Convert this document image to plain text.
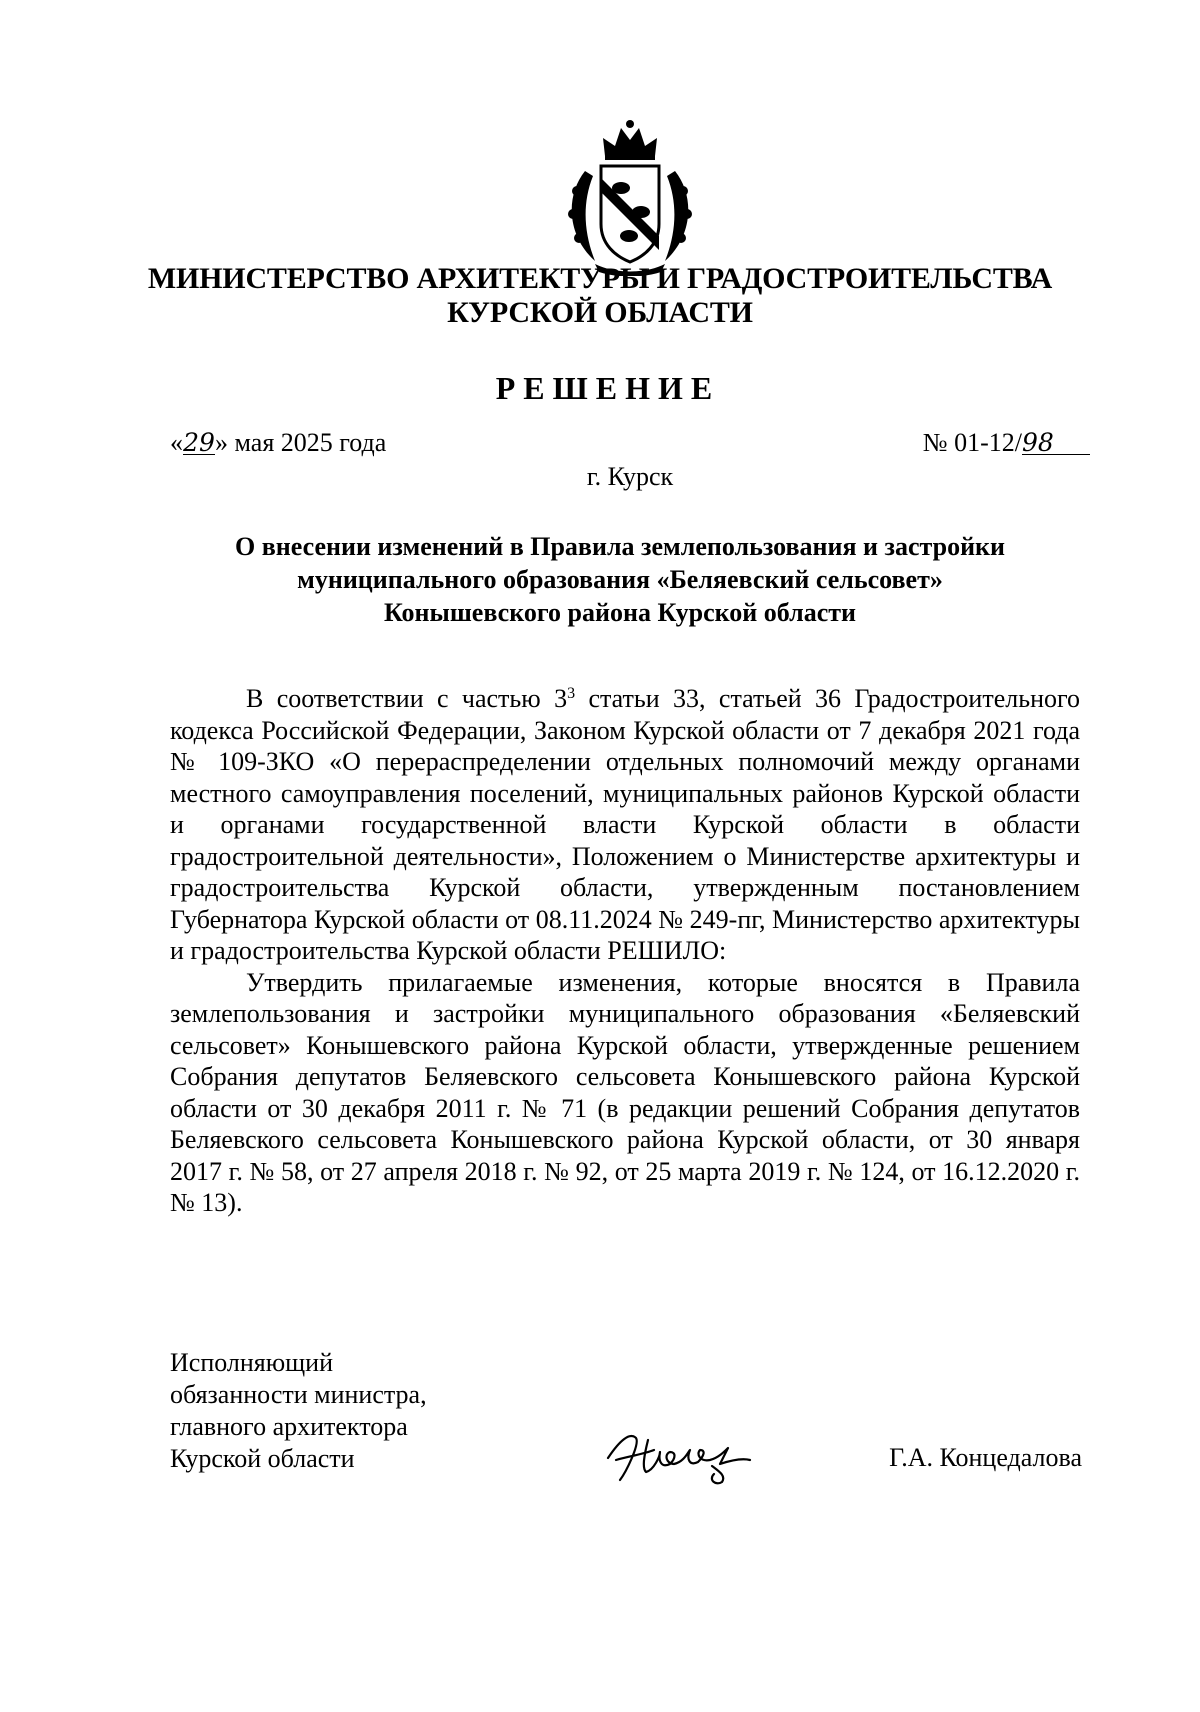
МИНИСТЕРСТВО АРХИТЕКТУРЫ И ГРАДОСТРОИТЕЛЬСТВА
КУРСКОЙ ОБЛАСТИ
РЕШЕНИЕ
«29» мая 2025 года	№ 01-12/98
г. Курск
О внесении изменений в Правила землепользования и застройки
муниципального образования «Беляевский сельсовет»
Конышевского района Курской области

В соответствии с частью $3^3$ статьи 33, статьей 36 Градостроительного кодекса Российской Федерации, Законом Курской области от 7 декабря 2021 года № 109-ЗКО «О перераспределении отдельных полномочий между органами местного самоуправления поселений, муниципальных районов Курской области и органами государственной власти Курской области в области градостроительной деятельности», Положением о Министерстве архитектуры и градостроительства Курской области, утвержденным постановлением Губернатора Курской области от 08.11.2024 № 249-пг, Министерство архитектуры и градостроительства Курской области РЕШИЛО:

Утвердить прилагаемые изменения, которые вносятся в Правила землепользования и застройки муниципального образования «Беляевский сельсовет» Конышевского района Курской области, утвержденные решением Собрания депутатов Беляевского сельсовета Конышевского района Курской области от 30 декабря 2011 г. № 71 (в редакции решений Собрания депутатов Беляевского сельсовета Конышевского района Курской области, от 30 января 2017 г. № 58, от 27 апреля 2018 г. № 92, от 25 марта 2019 г. № 124, от 16.12.2020 г. № 13).

Исполняющий
обязанности министра,
главного архитектора
Курской области	Г.А. Концедалова
